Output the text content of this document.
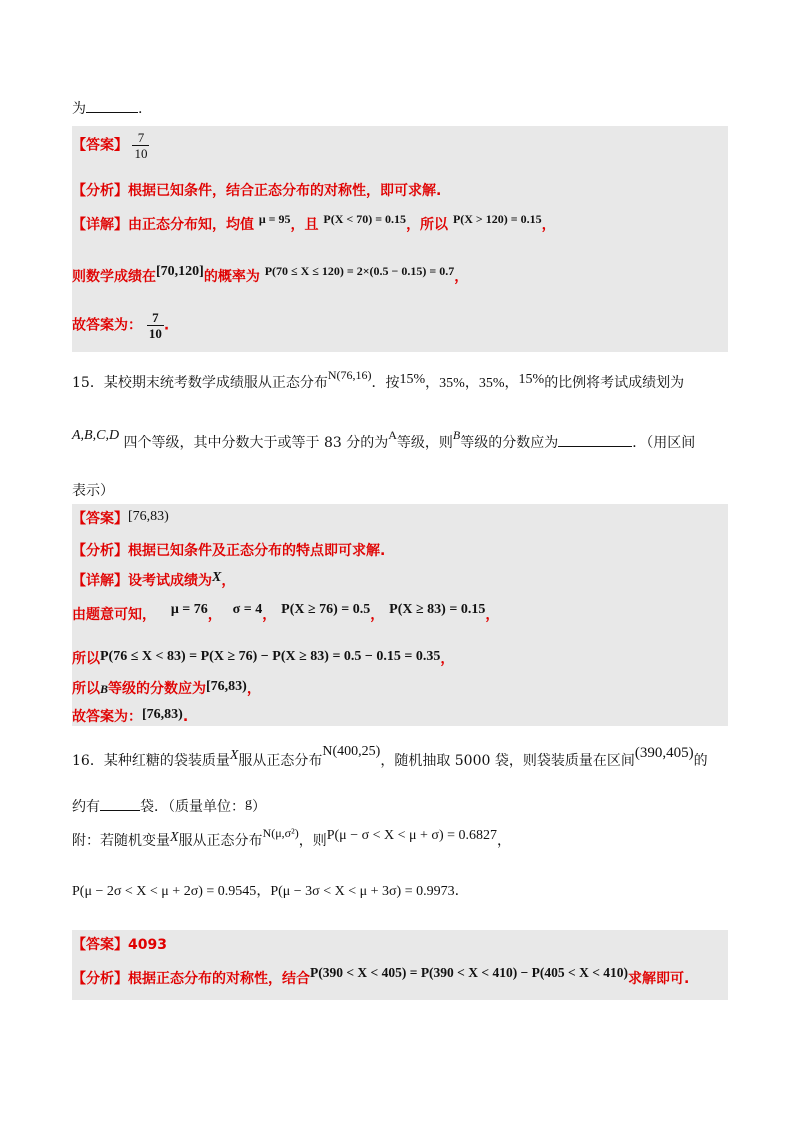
为	.
【答案】 $\frac{7}{10}$
【分析】根据已知条件，结合正态分布的对称性，即可求解.
【详解】由正态分布知，均值 μ = 95，且 P(X < 70) = 0.15，所以 P(X > 120) = 0.15，
则数学成绩在[70,120]的概率为 P(70 ≤ X ≤ 120) = 2×(0.5 − 0.15) = 0.7，
故答案为： $\frac{7}{10}$ .
15．某校期末统考数学成绩服从正态分布N(76,16)．按15%，35%，35%，15%的比例将考试成绩划为
A,B,C,D 四个等级，其中分数大于或等于 83 分的为A等级，则B等级的分数应为	．（用区间
表示）
【答案】[76,83)
【分析】根据已知条件及正态分布的特点即可求解.
【详解】设考试成绩为X，
由题意可知， μ = 76， σ = 4， P(X ≥ 76) = 0.5， P(X ≥ 83) = 0.15，
所以P(76 ≤ X < 83) = P(X ≥ 76) − P(X ≥ 83) = 0.5 − 0.15 = 0.35，
所以B等级的分数应为[76,83)，
故答案为：[76,83).
16．某种红糖的袋装质量X服从正态分布N(400,25)，随机抽取 5000 袋，则袋装质量在区间(390,405)的
约有	袋．（质量单位：g）
附：若随机变量X服从正态分布N(μ,σ²)，则P(μ − σ < X < μ + σ) = 0.6827，
P(μ − 2σ < X < μ + 2σ) = 0.9545，P(μ − 3σ < X < μ + 3σ) = 0.9973.
【答案】4093
【分析】根据正态分布的对称性，结合P(390 < X < 405) = P(390 < X < 410) − P(405 < X < 410)求解即可.
